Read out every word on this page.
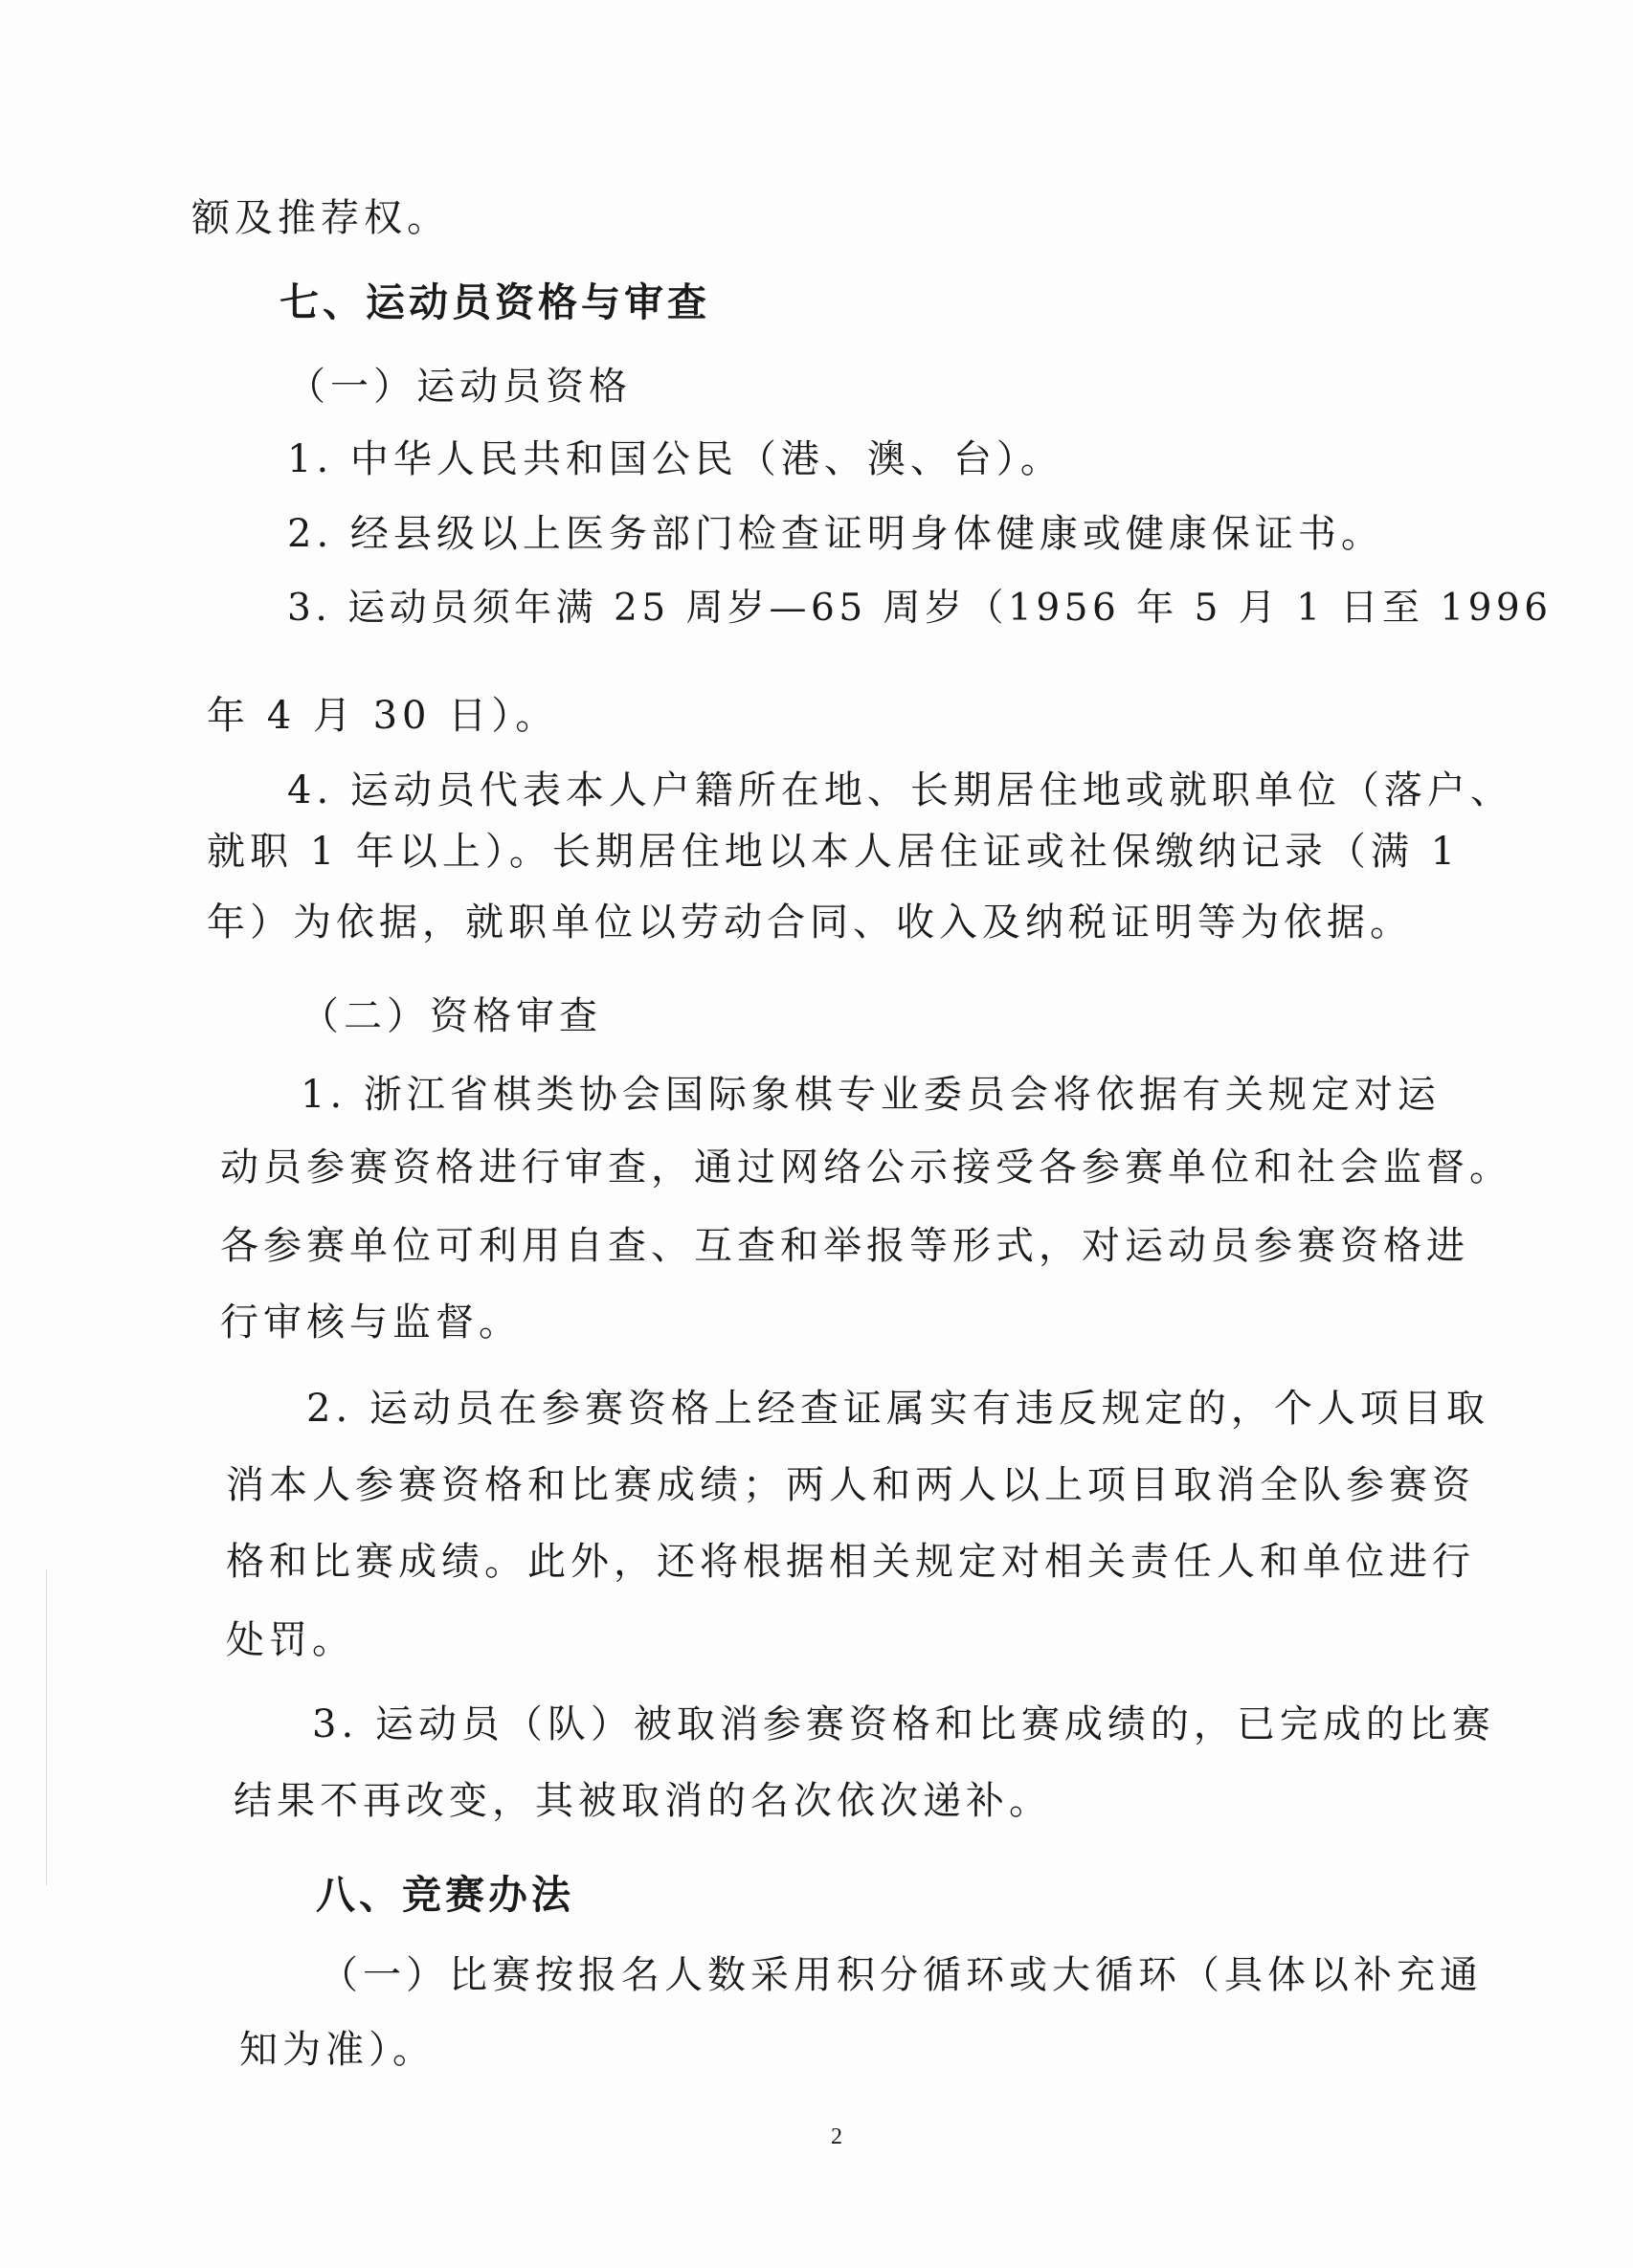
额及推荐权。
七、运动员资格与审查
（一）运动员资格
1. 中华人民共和国公民（港、澳、台）。
2. 经县级以上医务部门检查证明身体健康或健康保证书。
3. 运动员须年满 25 周岁—65 周岁（1956 年 5 月 1 日至 1996
年 4 月 30 日）。
4. 运动员代表本人户籍所在地、长期居住地或就职单位（落户、
就职 1 年以上）。长期居住地以本人居住证或社保缴纳记录（满 1
年）为依据，就职单位以劳动合同、收入及纳税证明等为依据。
（二）资格审查
1. 浙江省棋类协会国际象棋专业委员会将依据有关规定对运
动员参赛资格进行审查，通过网络公示接受各参赛单位和社会监督。
各参赛单位可利用自查、互查和举报等形式，对运动员参赛资格进
行审核与监督。
2. 运动员在参赛资格上经查证属实有违反规定的，个人项目取
消本人参赛资格和比赛成绩；两人和两人以上项目取消全队参赛资
格和比赛成绩。此外，还将根据相关规定对相关责任人和单位进行
处罚。
3. 运动员（队）被取消参赛资格和比赛成绩的，已完成的比赛
结果不再改变，其被取消的名次依次递补。
八、竞赛办法
（一）比赛按报名人数采用积分循环或大循环（具体以补充通
知为准）。
2
